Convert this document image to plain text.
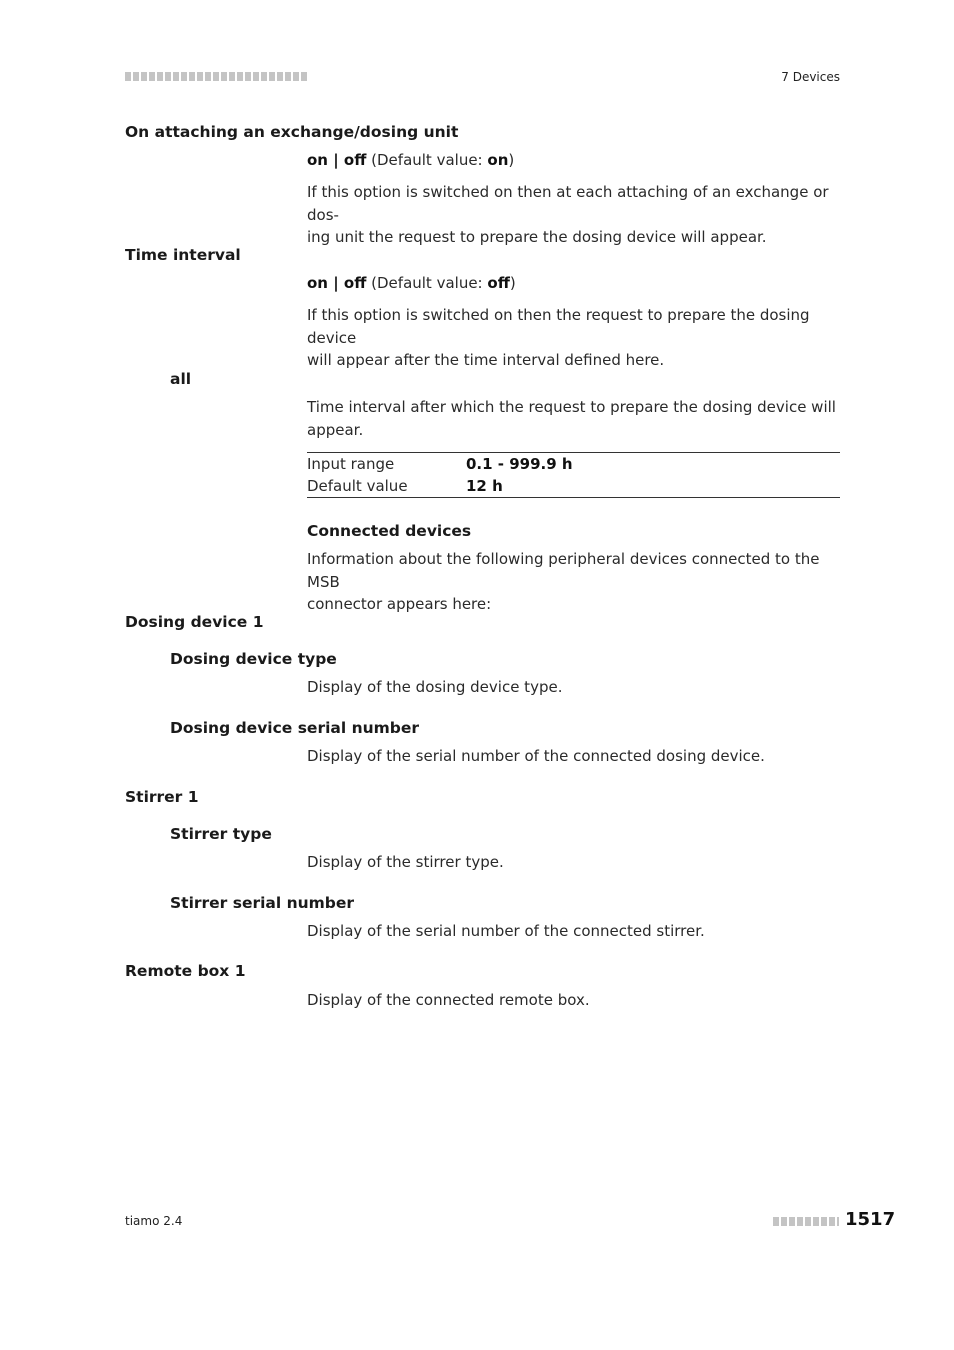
7 Devices
On attaching an exchange/dosing unit
on | off (Default value: on)
If this option is switched on then at each attaching of an exchange or dos-
ing unit the request to prepare the dosing device will appear.
Time interval
on | off (Default value: off)
If this option is switched on then the request to prepare the dosing device
will appear after the time interval defined here.
all
Time interval after which the request to prepare the dosing device will
appear.
Input range	0.1 - 999.9 h
Default value	12 h
Connected devices
Information about the following peripheral devices connected to the MSB
connector appears here:
Dosing device 1
Dosing device type
Display of the dosing device type.
Dosing device serial number
Display of the serial number of the connected dosing device.
Stirrer 1
Stirrer type
Display of the stirrer type.
Stirrer serial number
Display of the serial number of the connected stirrer.
Remote box 1
Display of the connected remote box.
tiamo 2.4	1517
